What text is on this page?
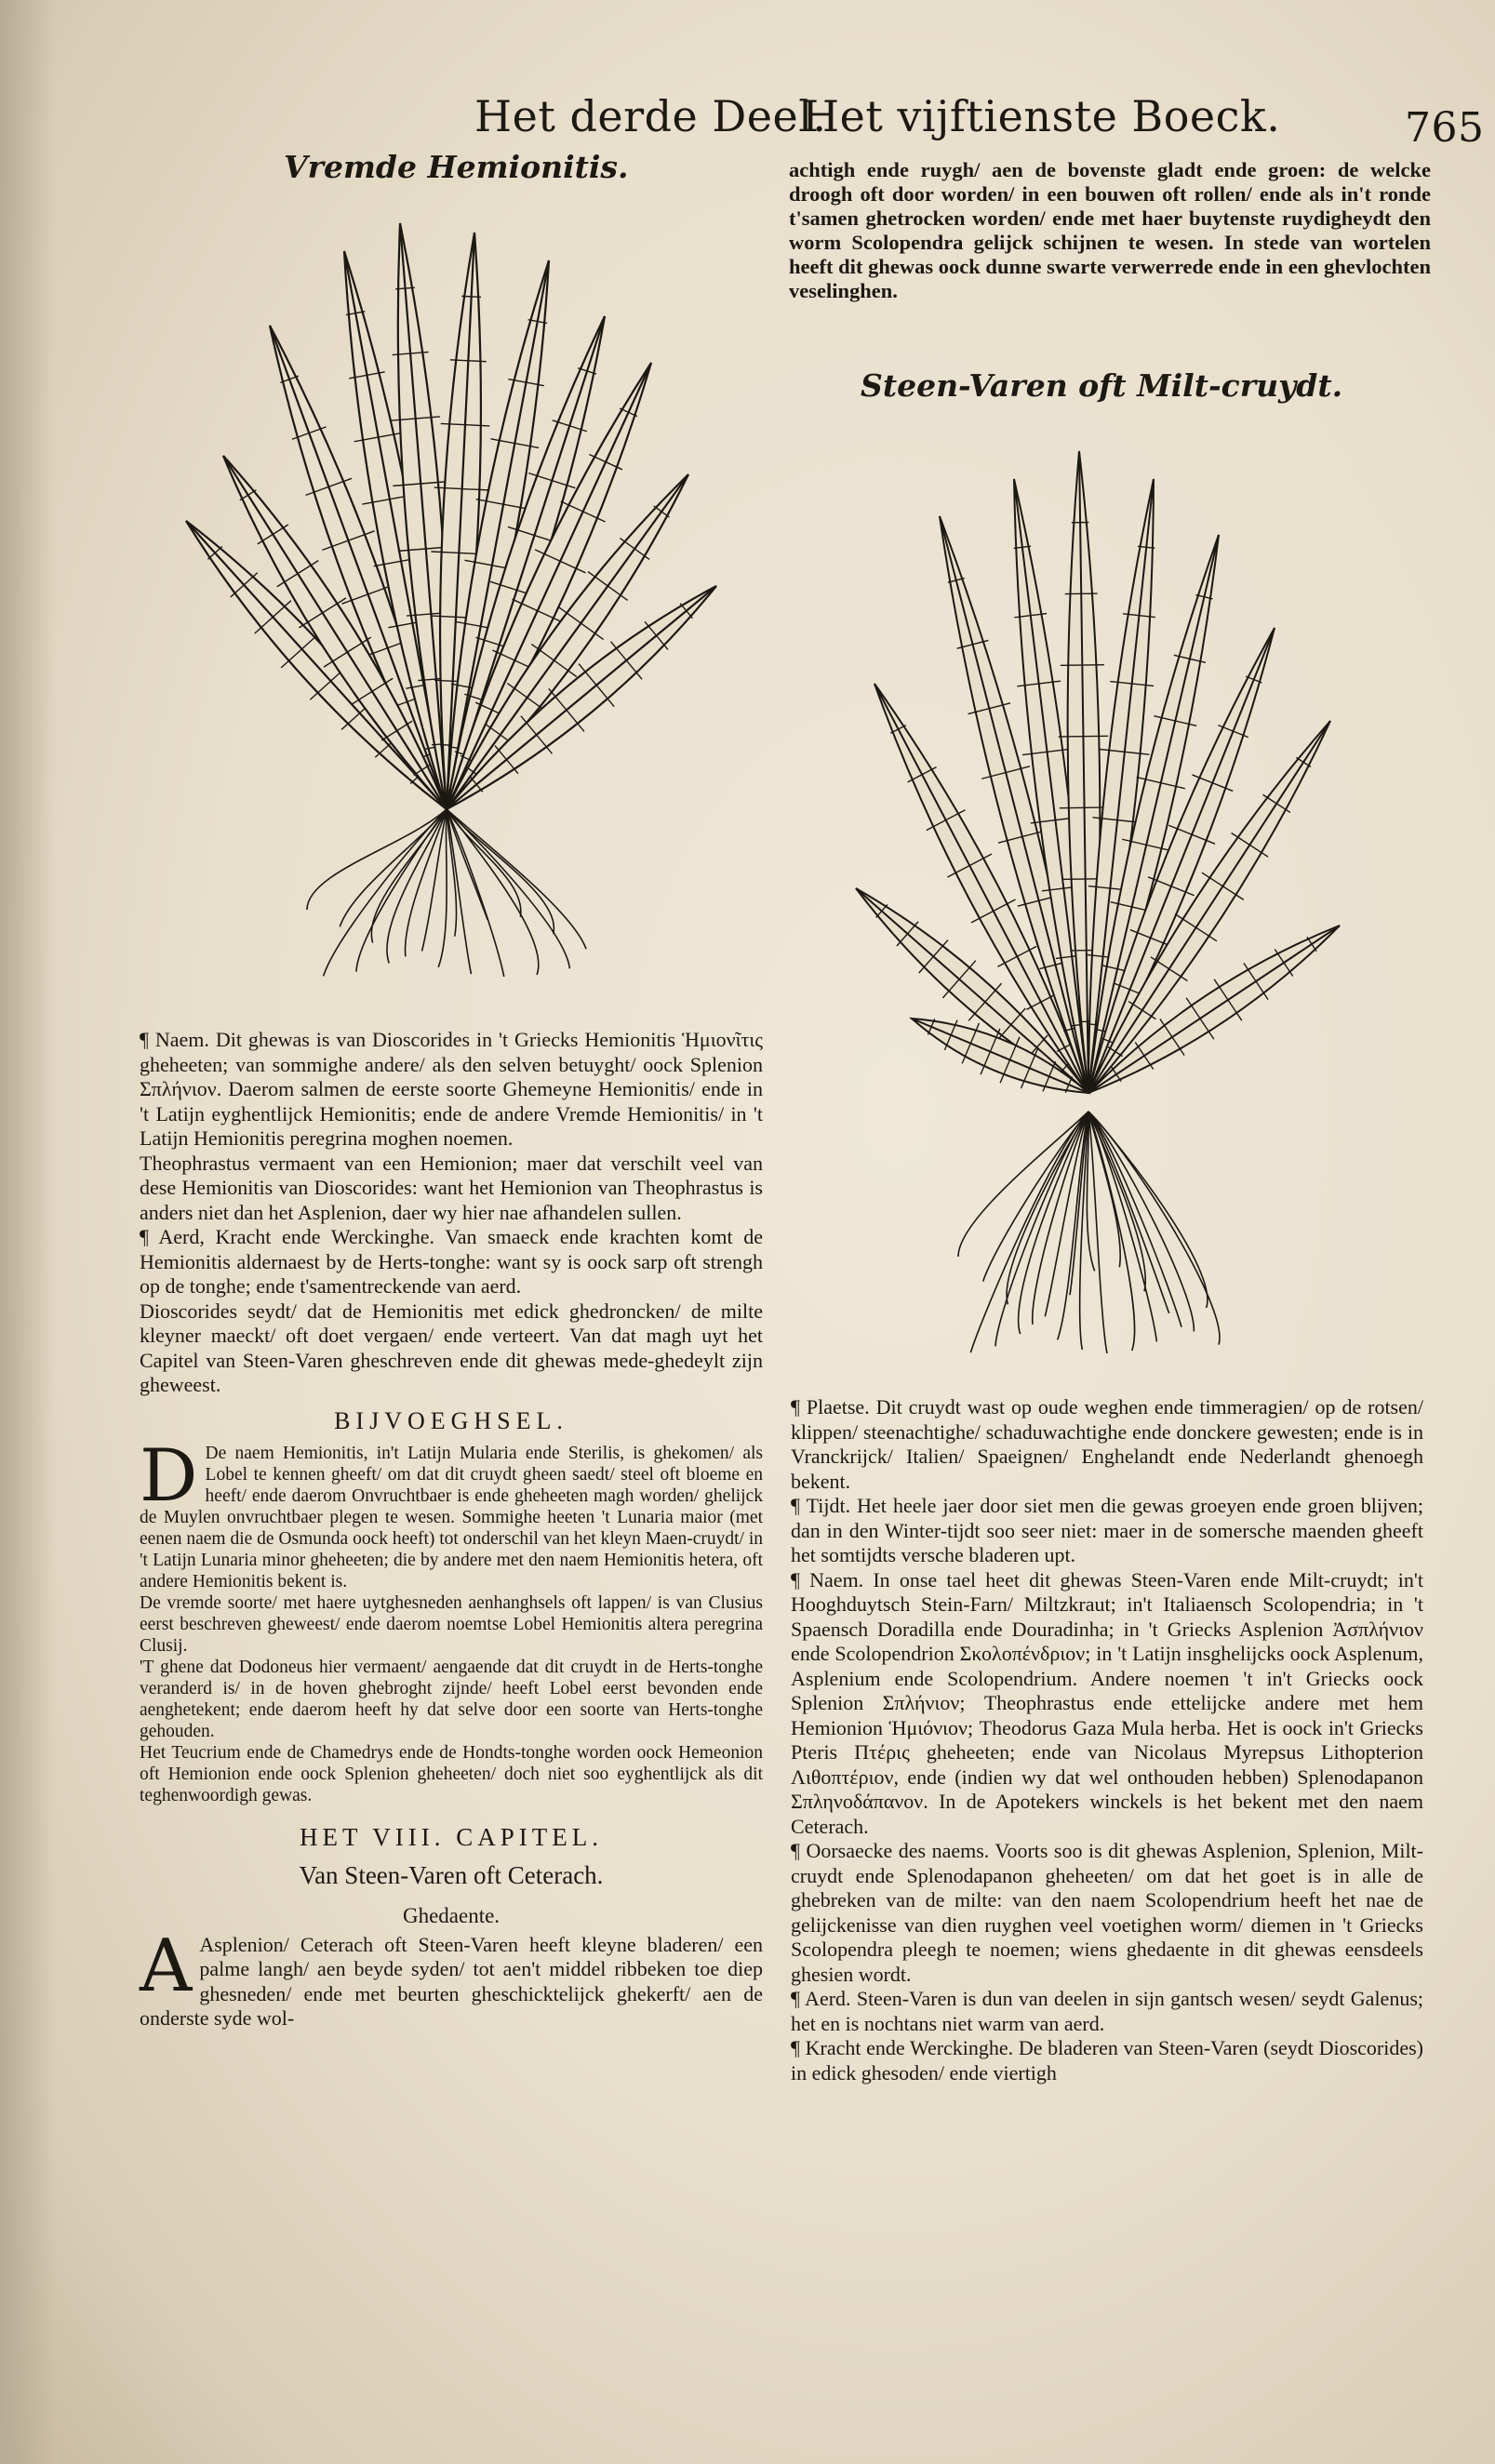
Het derde Deel.
Het vijftienste Boeck.	765
Vremde Hemionitis.
Steen-Varen oft Milt-cruydt.

achtigh ende ruygh/ aen de bovenste gladt ende groen: de welcke droogh oft door worden/ in een bouwen oft rollen/ ende als in't ronde t'samen ghetrocken worden/ ende met haer buytenste ruydigheydt den worm Scolopendra gelijck schijnen te wesen. In stede van wortelen heeft dit ghewas oock dunne swarte verwerrede ende in een ghevlochten veselinghen.

¶ Naem. Dit ghewas is van Dioscorides in 't Griecks Hemionitis Ἡμιονῖτις gheheeten; van sommighe andere/ als den selven betuyght/ oock Splenion Σπλήνιον. Daerom salmen de eerste soorte Ghemeyne Hemionitis/ ende in 't Latijn eyghentlijck Hemionitis; ende de andere Vremde Hemionitis/ in 't Latijn Hemionitis peregrina moghen noemen.

Theophrastus vermaent van een Hemionion; maer dat verschilt veel van dese Hemionitis van Dioscorides: want het Hemionion van Theophrastus is anders niet dan het Asplenion, daer wy hier nae afhandelen sullen.

¶ Aerd, Kracht ende Werckinghe. Van smaeck ende krachten komt de Hemionitis aldernaest by de Herts-tonghe: want sy is oock sarp oft strengh op de tonghe; ende t'samentreckende van aerd.

Dioscorides seydt/ dat de Hemionitis met edick ghedroncken/ de milte kleyner maeckt/ oft doet vergaen/ ende verteert. Van dat magh uyt het Capitel van Steen-Varen gheschreven ende dit ghewas mede-ghedeylt zijn gheweest.

BIJVOEGHSEL.

D De naem Hemionitis, in't Latijn Mularia ende Sterilis, is ghekomen/ als Lobel te kennen gheeft/ om dat dit cruydt gheen saedt/ steel oft bloeme en heeft/ ende daerom Onvruchtbaer is ende gheheeten magh worden/ ghelijck de Muylen onvruchtbaer plegen te wesen. Sommighe heeten 't Lunaria maior (met eenen naem die de Osmunda oock heeft) tot onderschil van het kleyn Maen-cruydt/ in 't Latijn Lunaria minor gheheeten; die by andere met den naem Hemionitis hetera, oft andere Hemionitis bekent is.

De vremde soorte/ met haere uytghesneden aenhanghsels oft lappen/ is van Clusius eerst beschreven gheweest/ ende daerom noemtse Lobel Hemionitis altera peregrina Clusij.

'T ghene dat Dodoneus hier vermaent/ aengaende dat dit cruydt in de Herts-tonghe veranderd is/ in de hoven ghebroght zijnde/ heeft Lobel eerst bevonden ende aenghetekent; ende daerom heeft hy dat selve door een soorte van Herts-tonghe gehouden.

Het Teucrium ende de Chamedrys ende de Hondts-tonghe worden oock Hemeonion oft Hemionion ende oock Splenion gheheeten/ doch niet soo eyghentlijck als dit teghenwoordigh gewas.

HET VIII. CAPITEL.
Van Steen-Varen oft Ceterach.
Ghedaente.

A Asplenion/ Ceterach oft Steen-Varen heeft kleyne bladeren/ een palme langh/ aen beyde syden/ tot aen't middel ribbeken toe diep ghesneden/ ende met beurten gheschicktelijck ghekerft/ aen de onderste syde wol-

¶ Plaetse. Dit cruydt wast op oude weghen ende timmeragien/ op de rotsen/ klippen/ steenachtighe/ schaduwachtighe ende donckere gewesten; ende is in Vranckrijck/ Italien/ Spaeignen/ Enghelandt ende Nederlandt ghenoegh bekent.

¶ Tijdt. Het heele jaer door siet men die gewas groeyen ende groen blijven; dan in den Winter-tijdt soo seer niet: maer in de somersche maenden gheeft het somtijdts versche bladeren upt.

¶ Naem. In onse tael heet dit ghewas Steen-Varen ende Milt-cruydt; in't Hooghduytsch Stein-Farn/ Miltzkraut; in't Italiaensch Scolopendria; in 't Spaensch Doradilla ende Douradinha; in 't Griecks Asplenion Ἀσπλήνιον ende Scolopendrion Σκολοπένδριον; in 't Latijn insghelijcks oock Asplenum, Asplenium ende Scolopendrium. Andere noemen 't in't Griecks oock Splenion Σπλήνιον; Theophrastus ende ettelijcke andere met hem Hemionion Ἡμιόνιον; Theodorus Gaza Mula herba. Het is oock in't Griecks Pteris Πτέρις gheheeten; ende van Nicolaus Myrepsus Lithopterion Λιθοπτέριον, ende (indien wy dat wel onthouden hebben) Splenodapanon Σπληνοδάπανον. In de Apotekers winckels is het bekent met den naem Ceterach.

¶ Oorsaecke des naems. Voorts soo is dit ghewas Asplenion, Splenion, Milt-cruydt ende Splenodapanon gheheeten/ om dat het goet is in alle de ghebreken van de milte: van den naem Scolopendrium heeft het nae de gelijckenisse van dien ruyghen veel voetighen worm/ diemen in 't Griecks Scolopendra pleegh te noemen; wiens ghedaente in dit ghewas eensdeels ghesien wordt.

¶ Aerd. Steen-Varen is dun van deelen in sijn gantsch wesen/ seydt Galenus; het en is nochtans niet warm van aerd.

¶ Kracht ende Werckinghe. De bladeren van Steen-Varen (seydt Dioscorides) in edick ghesoden/ ende viertigh
